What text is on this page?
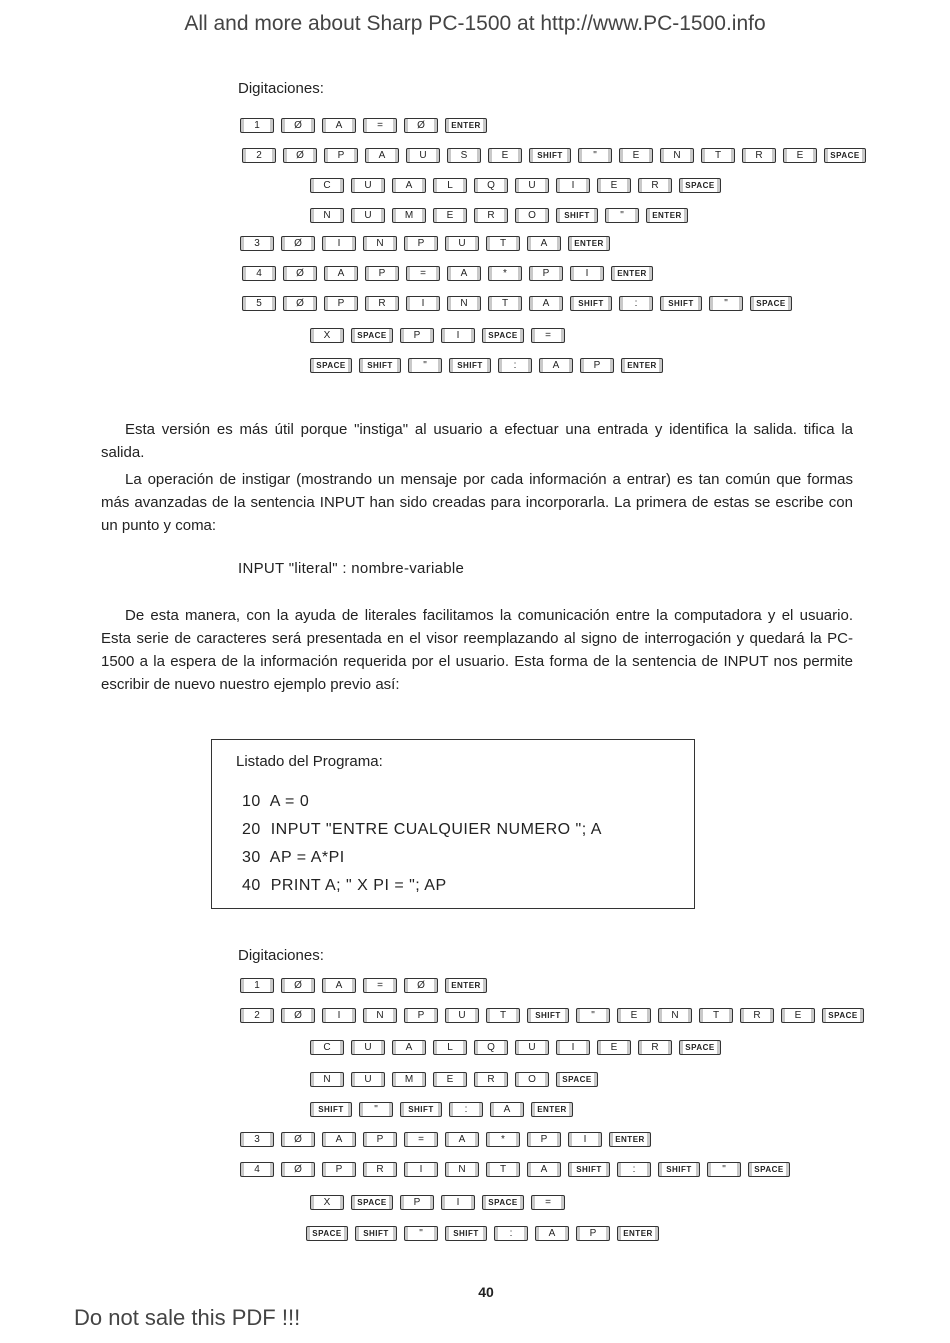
All and more about Sharp PC-1500 at http://www.PC-1500.info
Digitaciones:
1	Ø	A	=	Ø	ENTER
2	Ø	P	A	U	S	E	SHIFT	"	E	N	T	R	E	SPACE
C	U	A	L	Q	U	I	E	R	SPACE
N	U	M	E	R	O	SHIFT	"	ENTER
3	Ø	I	N	P	U	T	A	ENTER
4	Ø	A	P	=	A	*	P	I	ENTER
5	Ø	P	R	I	N	T	A	SHIFT	:	SHIFT	"	SPACE
X	SPACE	P	I	SPACE	=
SPACE	SHIFT	"	SHIFT	:	A	P	ENTER
Esta versión es más útil porque "instiga" al usuario a efectuar una entrada y identifica la salida. tifica la salida.
La operación de instigar (mostrando un mensaje por cada información a entrar) es tan común que formas más avanzadas de la sentencia INPUT han sido creadas para incorporarla. La primera de estas se escribe con un punto y coma:
INPUT "literal" : nombre-variable
De esta manera, con la ayuda de literales facilitamos la comunicación entre la computadora y el usuario. Esta serie de caracteres será presentada en el visor reemplazando al signo de interrogación y quedará la PC-1500 a la espera de la información requerida por el usuario. Esta forma de la sentencia de INPUT nos permite escribir de nuevo nuestro ejemplo previo así:
Listado del Programa:
10  A = 0
20  INPUT "ENTRE CUALQUIER NUMERO "; A
30  AP = A*PI
40  PRINT A; " X PI = "; AP
Digitaciones:
1	Ø	A	=	Ø	ENTER
2	Ø	I	N	P	U	T	SHIFT	"	E	N	T	R	E	SPACE
C	U	A	L	Q	U	I	E	R	SPACE
N	U	M	E	R	O	SPACE
SHIFT	"	SHIFT	:	A	ENTER
3	Ø	A	P	=	A	*	P	I	ENTER
4	Ø	P	R	I	N	T	A	SHIFT	:	SHIFT	"	SPACE
X	SPACE	P	I	SPACE	=
SPACE	SHIFT	"	SHIFT	:	A	P	ENTER
40
Do not sale this PDF !!!
